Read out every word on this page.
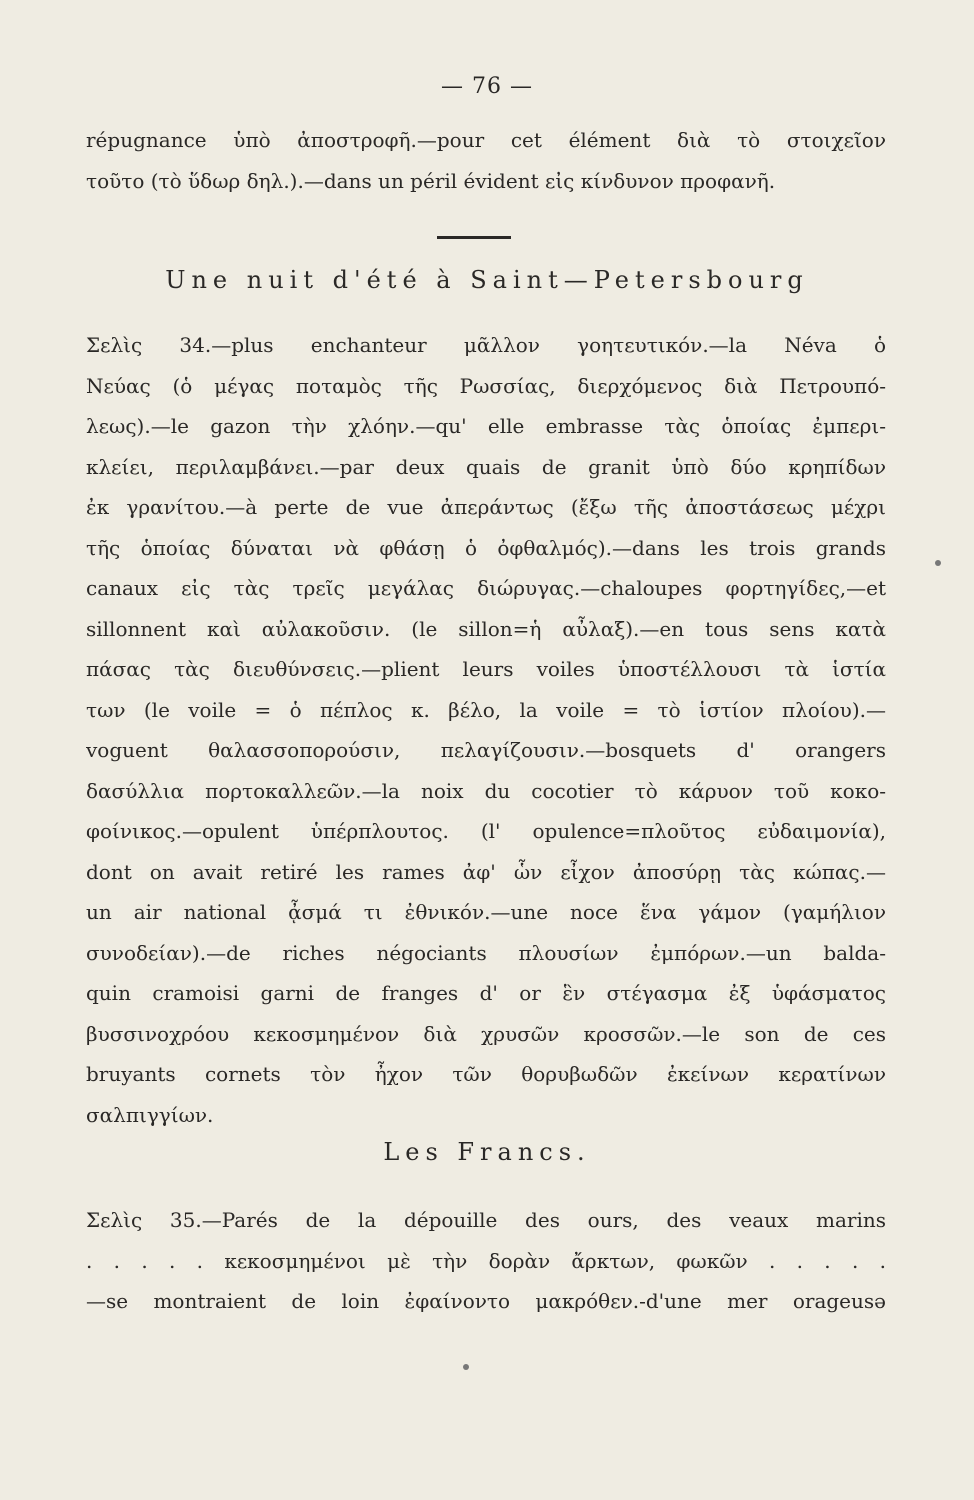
— 76 —
répugnance ὑπὸ ἀποστροφῆ.—pour cet élément διὰ τὸ στοιχεῖον
τοῦτο (τὸ ὕδωρ δηλ.).—dans un péril évident εἰς κίνδυνον προφανῆ.
Une nuit d'été à Saint—Petersbourg
Σελὶς 34.—plus enchanteur μᾶλλον γοητευτικόν.—la Néva ὁ
Νεύας (ὁ μέγας ποταμὸς τῆς Ρωσσίας, διερχόμενος διὰ Πετρουπό-
λεως).—le gazon τὴν χλόην.—qu' elle embrasse τὰς ὁποίας ἐμπερι-
κλείει, περιλαμβάνει.—par deux quais de granit ὑπὸ δύο κρηπίδων
ἐκ γρανίτου.—à perte de vue ἀπεράντως (ἔξω τῆς ἀποστάσεως μέχρι
τῆς ὁποίας δύναται νὰ φθάσῃ ὁ ὀφθαλμός).—dans les trois grands
canaux εἰς τὰς τρεῖς μεγάλας διώρυγας.—chaloupes φορτηγίδες,—et
sillonnent καὶ αὐλακοῦσιν. (le sillon=ἡ αὖλαξ).—en tous sens κατὰ
πάσας τὰς διευθύνσεις.—plient leurs voiles ὑποστέλλουσι τὰ ἱστία
των (le voile = ὁ πέπλος κ. βέλο, la voile = τὸ ἱστίον πλοίου).—
voguent θαλασσοπορούσιν, πελαγίζουσιν.—bosquets d' orangers
δασύλλια πορτοκαλλεῶν.—la noix du cocotier τὸ κάρυον τοῦ κοκο-
φοίνικος.—opulent ὑπέρπλουτος. (l' opulence=πλοῦτος εὐδαιμονία),
dont on avait retiré les rames ἀφ' ὧν εἶχον ἀποσύρῃ τὰς κώπας.—
un air national ᾆσμά τι ἐθνικόν.—une noce ἕνα γάμον (γαμήλιον
συνοδείαν).—de riches négociants πλουσίων ἐμπόρων.—un balda-
quin cramoisi garni de franges d' or ἓν στέγασμα ἐξ ὑφάσματος
βυσσινοχρόου κεκοσμημένον διὰ χρυσῶν κροσσῶν.—le son de ces
bruyants cornets τὸν ἦχον τῶν θορυβωδῶν ἐκείνων κερατίνων
σαλπιγγίων.
Les Francs.
Σελὶς 35.—Parés de la dépouille des ours, des veaux marins
. . . . . κεκοσμημένοι μὲ τὴν δορὰν ἄρκτων, φωκῶν . . . . .
—se montraient de loin ἐφαίνοντο μακρόθεν.-d'une mer orageusə
